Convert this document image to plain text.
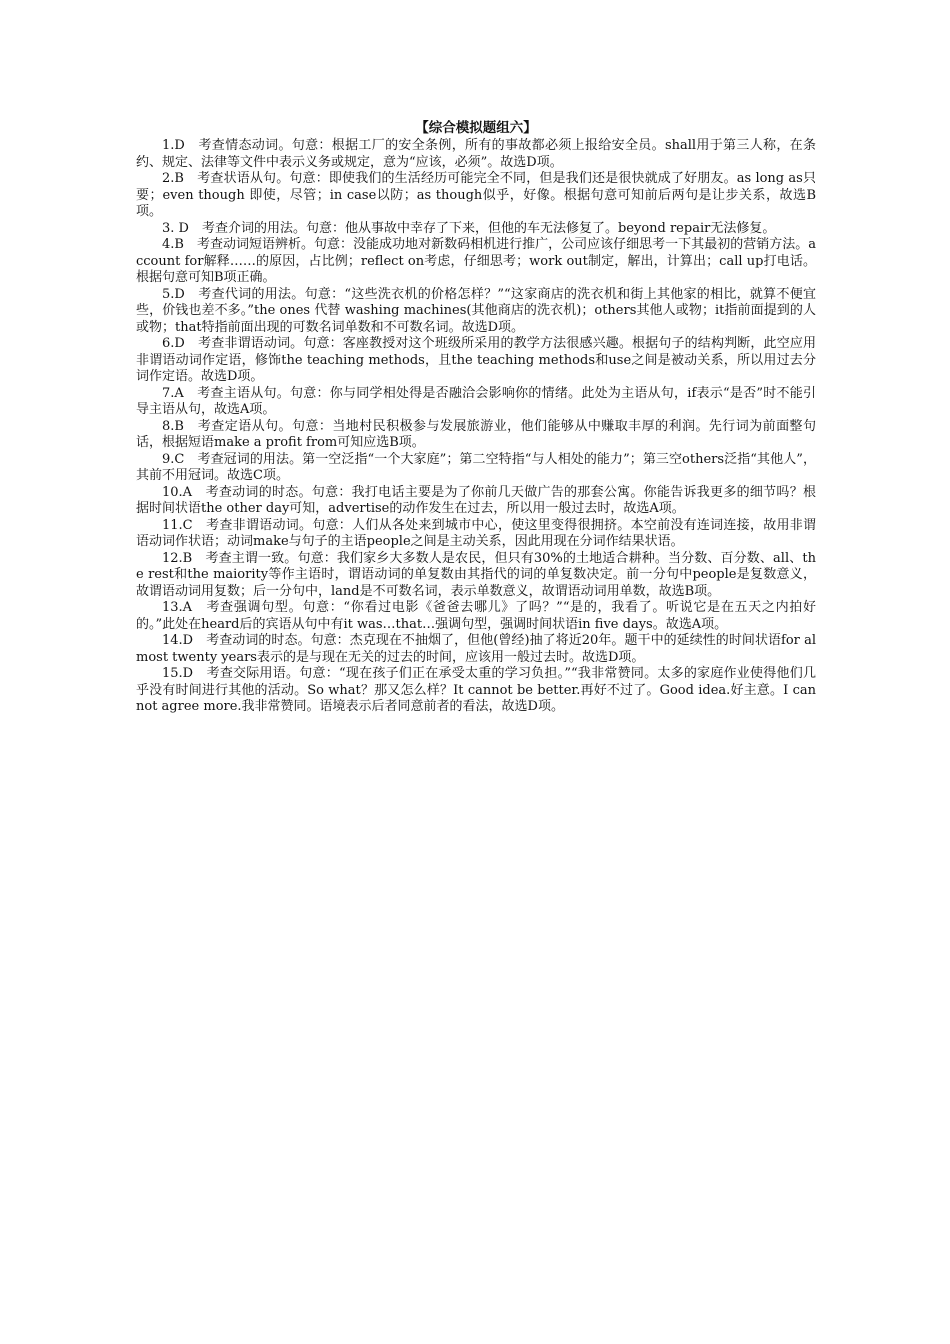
【综合模拟题组六】

1.D　考查情态动词。句意：根据工厂的安全条例，所有的事故都必须上报给安全员。shall用于第三人称，在条约、规定、法律等文件中表示义务或规定，意为“应该，必须”。故选D项。

2.B　考查状语从句。句意：即使我们的生活经历可能完全不同，但是我们还是很快就成了好朋友。as long as只要；even though 即使，尽管；in case以防；as though似乎，好像。根据句意可知前后两句是让步关系，故选B项。

3. D　考查介词的用法。句意：他从事故中幸存了下来，但他的车无法修复了。beyond repair无法修复。

4.B　考查动词短语辨析。句意：没能成功地对新数码相机进行推广，公司应该仔细思考一下其最初的营销方法。account for解释……的原因，占比例；reflect on考虑，仔细思考；work out制定，解出，计算出；call up打电话。根据句意可知B项正确。

5.D　考查代词的用法。句意：“这些洗衣机的价格怎样？”“这家商店的洗衣机和街上其他家的相比，就算不便宜些，价钱也差不多。”the ones 代替 washing machines(其他商店的洗衣机)；others其他人或物；it指前面提到的人或物；that特指前面出现的可数名词单数和不可数名词。故选D项。

6.D　考查非谓语动词。句意：客座教授对这个班级所采用的教学方法很感兴趣。根据句子的结构判断，此空应用非谓语动词作定语，修饰the teaching methods，且the teaching methods和use之间是被动关系，所以用过去分词作定语。故选D项。

7.A　考查主语从句。句意：你与同学相处得是否融洽会影响你的情绪。此处为主语从句，if表示“是否”时不能引导主语从句，故选A项。

8.B　考查定语从句。句意：当地村民积极参与发展旅游业，他们能够从中赚取丰厚的利润。先行词为前面整句话，根据短语make a profit from可知应选B项。

9.C　考查冠词的用法。第一空泛指“一个大家庭”；第二空特指“与人相处的能力”；第三空others泛指“其他人”，其前不用冠词。故选C项。

10.A　考查动词的时态。句意：我打电话主要是为了你前几天做广告的那套公寓。你能告诉我更多的细节吗？根据时间状语the other day可知，advertise的动作发生在过去，所以用一般过去时，故选A项。

11.C　考查非谓语动词。句意：人们从各处来到城市中心，使这里变得很拥挤。本空前没有连词连接，故用非谓语动词作状语；动词make与句子的主语people之间是主动关系，因此用现在分词作结果状语。

12.B　考查主谓一致。句意：我们家乡大多数人是农民，但只有30%的土地适合耕种。当分数、百分数、all、the rest和the maiority等作主语时，谓语动词的单复数由其指代的词的单复数决定。前一分句中people是复数意义，故谓语动词用复数；后一分句中，land是不可数名词，表示单数意义，故谓语动词用单数，故选B项。

13.A　考查强调句型。句意：“你看过电影《爸爸去哪儿》了吗？”“是的，我看了。听说它是在五天之内拍好的。”此处在heard后的宾语从句中有it was…that…强调句型，强调时间状语in five days。故选A项。

14.D　考查动词的时态。句意：杰克现在不抽烟了，但他(曾经)抽了将近20年。题干中的延续性的时间状语for almost twenty years表示的是与现在无关的过去的时间，应该用一般过去时。故选D项。

15.D　考查交际用语。句意：“现在孩子们正在承受太重的学习负担。”“我非常赞同。太多的家庭作业使得他们几乎没有时间进行其他的活动。So what？那又怎么样？It cannot be better.再好不过了。Good idea.好主意。I cannot agree more.我非常赞同。语境表示后者同意前者的看法，故选D项。
